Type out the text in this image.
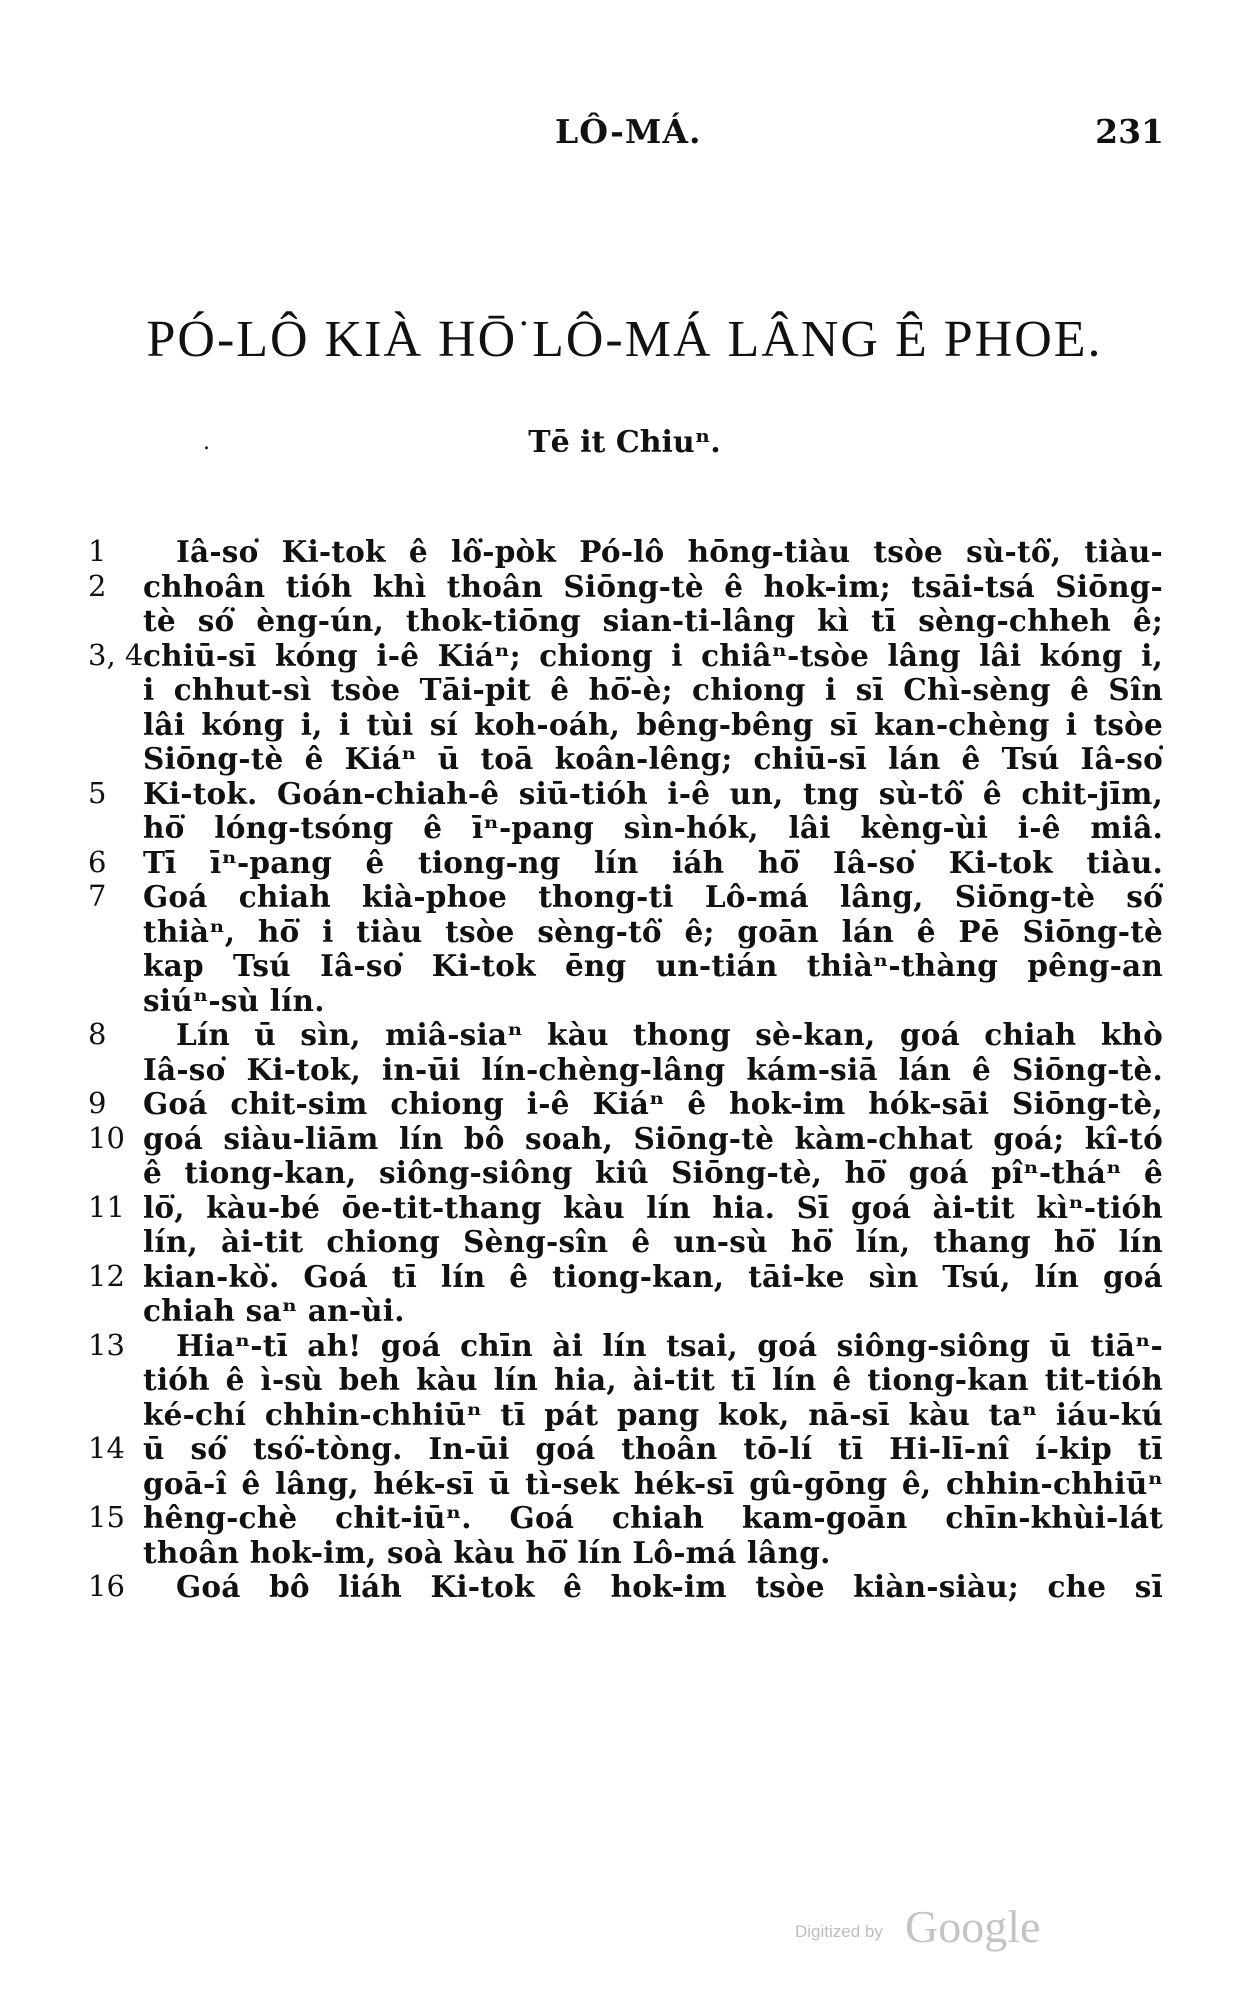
LÔ-MÁ.	231
PÓ-LÔ KIÀ HŌ͘ LÔ-MÁ LÂNG Ê PHOE.
.	Tē it Chiuⁿ.
1	Iâ-so͘ Ki-tok ê lô͘-pòk Pó-lô hōng-tiàu tsòe sù-tô͘, tiàu-
2	chhoân tióh khì thoân Siōng-tè ê hok-im; tsāi-tsá Siōng-
tè só͘ èng-ún, thok-tiōng sian-ti-lâng kì tī sèng-chheh ê;
3, 4 chiū-sī kóng i-ê Kiáⁿ; chiong i chiâⁿ-tsòe lâng lâi kóng i,
i chhut-sì tsòe Tāi-pit ê hō͘-è; chiong i sī Chì-sèng ê Sîn
lâi kóng i, i tùi sí koh-oáh, bêng-bêng sī kan-chèng i tsòe
Siōng-tè ê Kiáⁿ ū toā koân-lêng; chiū-sī lán ê Tsú Iâ-so͘
5	Ki-tok. Goán-chiah-ê siū-tióh i-ê un, tng sù-tô͘ ê chit-jīm,
hō͘ lóng-tsóng ê īⁿ-pang sìn-hók, lâi kèng-ùi i-ê miâ.
6	Tī īⁿ-pang ê tiong-ng lín iáh hō͘ Iâ-so͘ Ki-tok tiàu.
7	Goá chiah kià-phoe thong-ti Lô-má lâng, Siōng-tè só͘
thiàⁿ, hō͘ i tiàu tsòe sèng-tô͘ ê; goān lán ê Pē Siōng-tè
kap Tsú Iâ-so͘ Ki-tok ēng un-tián thiàⁿ-thàng pêng-an
siúⁿ-sù lín.
8	Lín ū sìn, miâ-siaⁿ kàu thong sè-kan, goá chiah khò
Iâ-so͘ Ki-tok, in-ūi lín-chèng-lâng kám-siā lán ê Siōng-tè.
9	Goá chit-sim chiong i-ê Kiáⁿ ê hok-im hók-sāi Siōng-tè,
10 goá siàu-liām lín bô soah, Siōng-tè kàm-chhat goá; kî-tó
ê tiong-kan, siông-siông kiû Siōng-tè, hō͘ goá pîⁿ-tháⁿ ê
11 lō͘, kàu-bé ōe-tit-thang kàu lín hia. Sī goá ài-tit kìⁿ-tióh
lín, ài-tit chiong Sèng-sîn ê un-sù hō͘ lín, thang hō͘ lín
12 kian-kò͘. Goá tī lín ê tiong-kan, tāi-ke sìn Tsú, lín goá
chiah saⁿ an-ùi.
13	Hiaⁿ-tī ah! goá chīn ài lín tsai, goá siông-siông ū tiāⁿ-
tióh ê ì-sù beh kàu lín hia, ài-tit tī lín ê tiong-kan tit-tióh
ké-chí chhin-chhiūⁿ tī pát pang kok, nā-sī kàu taⁿ iáu-kú
14 ū só͘ tsó͘-tòng. In-ūi goá thoân tō-lí tī Hi-lī-nî í-kip tī
goā-î ê lâng, hék-sī ū tì-sek hék-sī gû-gōng ê, chhin-chhiūⁿ
15 hêng-chè chit-iūⁿ. Goá chiah kam-goān chīn-khùi-lát
thoân hok-im, soà kàu hō͘ lín Lô-má lâng.
16	Goá bô liáh Ki-tok ê hok-im tsòe kiàn-siàu; che sī
Digitized by Google
